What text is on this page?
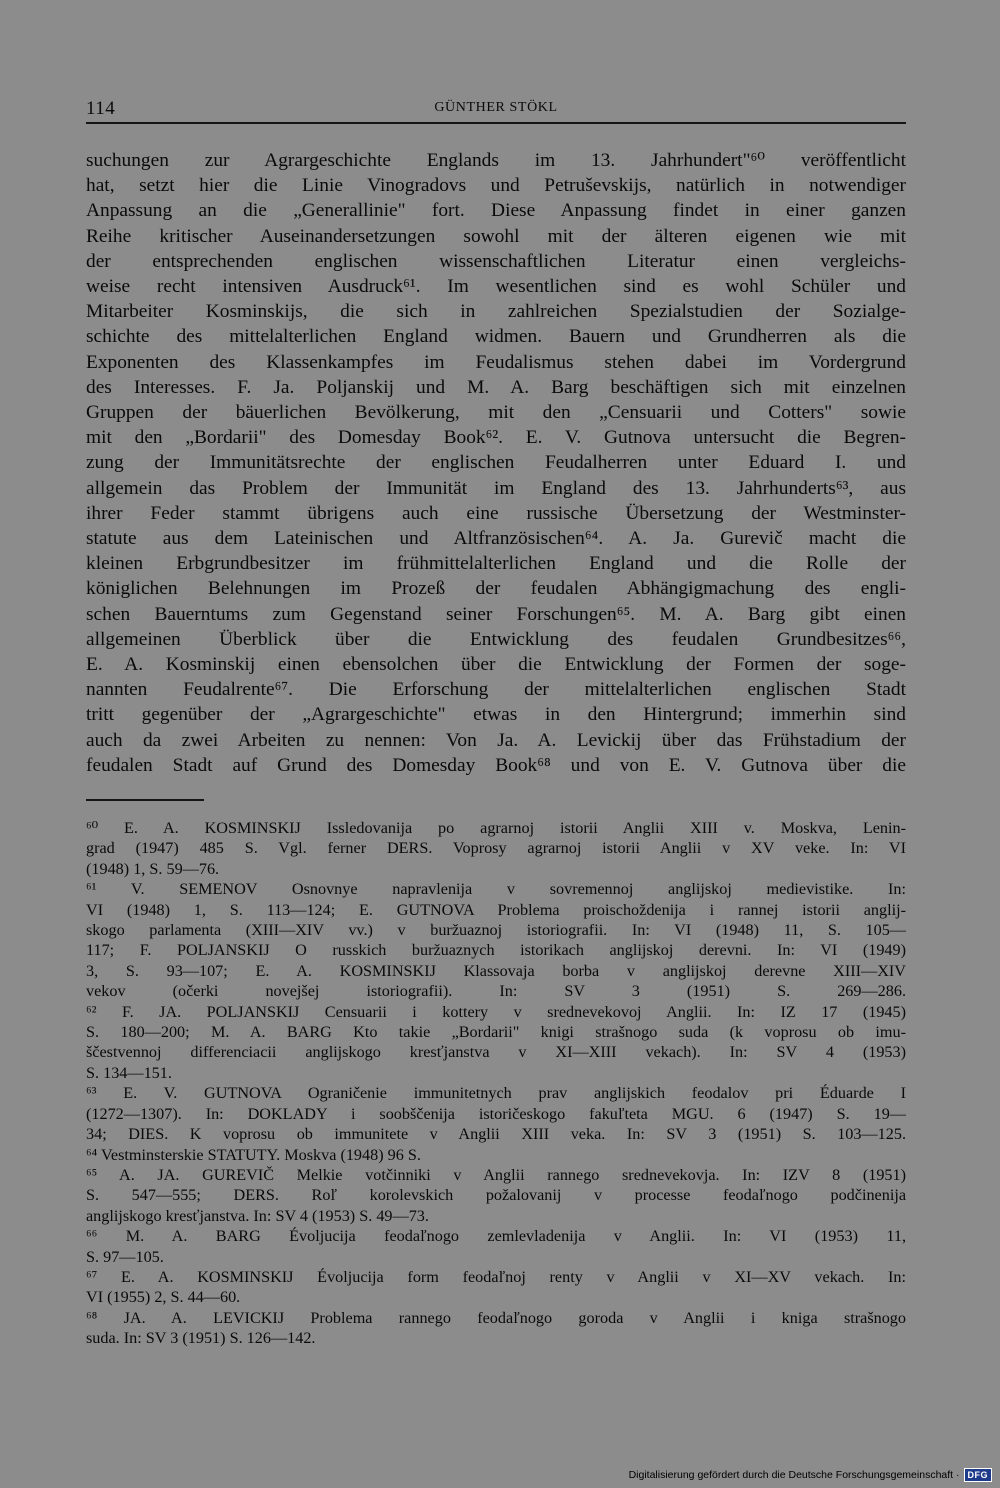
114	GÜNTHER STÖKL
suchungen zur Agrargeschichte Englands im 13. Jahrhundert"⁶⁰ veröffentlicht
hat, setzt hier die Linie Vinogradovs und Petruševskijs, natürlich in notwendiger
Anpassung an die „Generallinie" fort. Diese Anpassung findet in einer ganzen
Reihe kritischer Auseinandersetzungen sowohl mit der älteren eigenen wie mit
der entsprechenden englischen wissenschaftlichen Literatur einen vergleichs-
weise recht intensiven Ausdruck⁶¹. Im wesentlichen sind es wohl Schüler und
Mitarbeiter Kosminskijs, die sich in zahlreichen Spezialstudien der Sozialge-
schichte des mittelalterlichen England widmen. Bauern und Grundherren als die
Exponenten des Klassenkampfes im Feudalismus stehen dabei im Vordergrund
des Interesses. F. Ja. Poljanskij und M. A. Barg beschäftigen sich mit einzelnen
Gruppen der bäuerlichen Bevölkerung, mit den „Censuarii und Cotters" sowie
mit den „Bordarii" des Domesday Book⁶². E. V. Gutnova untersucht die Begren-
zung der Immunitätsrechte der englischen Feudalherren unter Eduard I. und
allgemein das Problem der Immunität im England des 13. Jahrhunderts⁶³, aus
ihrer Feder stammt übrigens auch eine russische Übersetzung der Westminster-
statute aus dem Lateinischen und Altfranzösischen⁶⁴. A. Ja. Gurevič macht die
kleinen Erbgrundbesitzer im frühmittelalterlichen England und die Rolle der
königlichen Belehnungen im Prozeß der feudalen Abhängigmachung des engli-
schen Bauerntums zum Gegenstand seiner Forschungen⁶⁵. M. A. Barg gibt einen
allgemeinen Überblick über die Entwicklung des feudalen Grundbesitzes⁶⁶,
E. A. Kosminskij einen ebensolchen über die Entwicklung der Formen der soge-
nannten Feudalrente⁶⁷. Die Erforschung der mittelalterlichen englischen Stadt
tritt gegenüber der „Agrargeschichte" etwas in den Hintergrund; immerhin sind
auch da zwei Arbeiten zu nennen: Von Ja. A. Levickij über das Frühstadium der
feudalen Stadt auf Grund des Domesday Book⁶⁸ und von E. V. Gutnova über die
⁶⁰ E. A. KOSMINSKIJ Issledovanija po agrarnoj istorii Anglii XIII v. Moskva, Lenin-
grad (1947) 485 S. Vgl. ferner DERS. Voprosy agrarnoj istorii Anglii v XV veke. In: VI
(1948) 1, S. 59—76.
⁶¹ V. SEMENOV Osnovnye napravlenija v sovremennoj anglijskoj medievistike. In:
VI (1948) 1, S. 113—124; E. GUTNOVA Problema proischoždenija i rannej istorii anglij-
skogo parlamenta (XIII—XIV vv.) v buržuaznoj istoriografii. In: VI (1948) 11, S. 105—
117; F. POLJANSKIJ O russkich buržuaznych istorikach anglijskoj derevni. In: VI (1949)
3, S. 93—107; E. A. KOSMINSKIJ Klassovaja borba v anglijskoj derevne XIII—XIV
vekov (očerki novejšej istoriografii). In: SV 3 (1951) S. 269—286.
⁶² F. JA. POLJANSKIJ Censuarii i kottery v srednevekovoj Anglii. In: IZ 17 (1945)
S. 180—200; M. A. BARG Kto takie „Bordarii" knigi strašnogo suda (k voprosu ob imu-
ščestvennoj differenciacii anglijskogo kresťjanstva v XI—XIII vekach). In: SV 4 (1953)
S. 134—151.
⁶³ E. V. GUTNOVA Ograničenie immunitetnych prav anglijskich feodalov pri Éduarde I
(1272—1307). In: DOKLADY i soobščenija istoričeskogo fakuľteta MGU. 6 (1947) S. 19—
34; DIES. K voprosu ob immunitete v Anglii XIII veka. In: SV 3 (1951) S. 103—125.
⁶⁴ Vestminsterskie STATUTY. Moskva (1948) 96 S.
⁶⁵ A. JA. GUREVIČ Melkie votčinniki v Anglii rannego srednevekovja. In: IZV 8 (1951)
S. 547—555; DERS. Roľ korolevskich požalovanij v processe feodaľnogo podčinenija
anglijskogo kresťjanstva. In: SV 4 (1953) S. 49—73.
⁶⁶ M. A. BARG Évoljucija feodaľnogo zemlevladenija v Anglii. In: VI (1953) 11,
S. 97—105.
⁶⁷ E. A. KOSMINSKIJ Évoljucija form feodaľnoj renty v Anglii v XI—XV vekach. In:
VI (1955) 2, S. 44—60.
⁶⁸ JA. A. LEVICKIJ Problema rannego feodaľnogo goroda v Anglii i kniga strašnogo
suda. In: SV 3 (1951) S. 126—142.
Digitalisierung gefördert durch die Deutsche Forschungsgemeinschaft · DFG
